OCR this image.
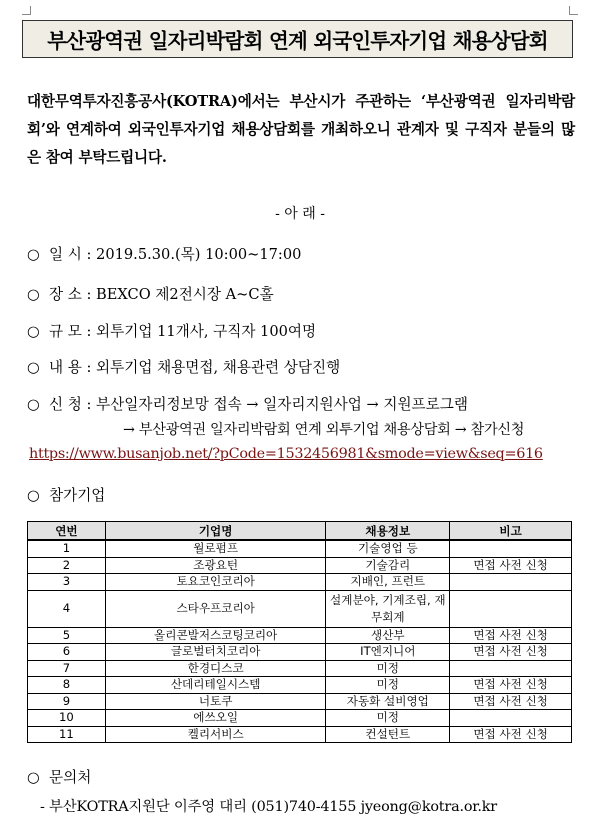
부산광역권 일자리박람회 연계 외국인투자기업 채용상담회
대한무역투자진흥공사(KOTRA)에서는 부산시가 주관하는 ‘부산광역권 일자리박람회’와 연계하여 외국인투자기업 채용상담회를 개최하오니 관계자 및 구직자 분들의 많은 참여 부탁드립니다.
- 아 래 -
○ 일 시 : 2019.5.30.(목) 10:00~17:00
○ 장 소 : BEXCO 제2전시장 A~C홀
○ 규 모 : 외투기업 11개사, 구직자 100여명
○ 내 용 : 외투기업 채용면접, 채용관련 상담진행
○ 신 청 : 부산일자리정보망 접속 → 일자리지원사업 → 지원프로그램
→ 부산광역권 일자리박람회 연계 외투기업 채용상담회 → 참가신청
https://www.busanjob.net/?pCode=1532456981&smode=view&seq=616
○ 참가기업
연번	기업명	채용정보	비고
1	월로펌프	기술영업 등	
2	조광요턴	기술감리	면접 사전 신청
3	토요코인코리아	지배인, 프런트	
4	스타우프코리아	설계분야, 기계조립, 재무회계	
5	올리콘발저스코팅코리아	생산부	면접 사전 신청
6	글로벌터치코리아	IT엔지니어	면접 사전 신청
7	한경디스코	미정	
8	산데리테일시스템	미정	면접 사전 신청
9	너토쿠	자동화 설비영업	면접 사전 신청
10	에쓰오일	미정	
11	켈리서비스	컨설턴트	면접 사전 신청
○ 문의처
- 부산KOTRA지원단 이주영 대리 (051)740-4155 jyeong@kotra.or.kr
